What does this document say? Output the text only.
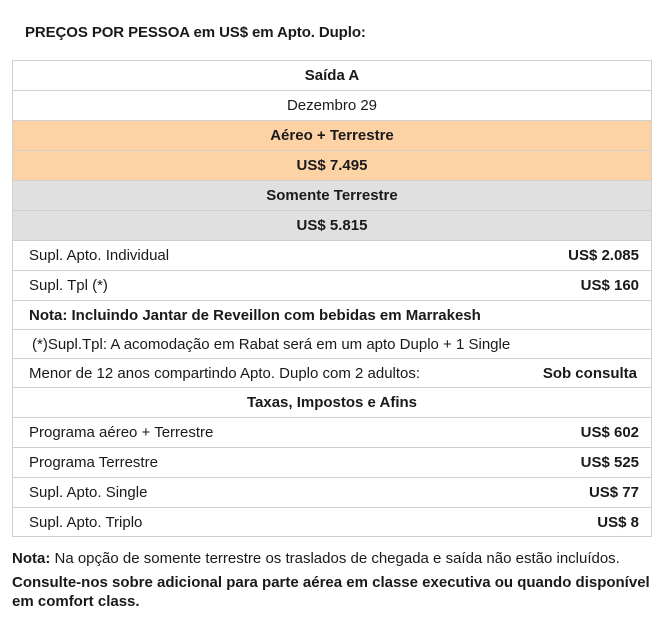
PREÇOS POR PESSOA em US$ em Apto. Duplo:
Saída A
Dezembro 29
Aéreo + Terrestre
US$ 7.495
Somente Terrestre
US$ 5.815
Supl. Apto. Individual	US$ 2.085
Supl. Tpl (*)	US$ 160
Nota: Incluindo Jantar de Reveillon com bebidas em Marrakesh
(*)Supl.Tpl: A acomodação em Rabat será em um apto Duplo + 1 Single
Menor de 12 anos compartindo Apto. Duplo com 2 adultos:	Sob consulta
Taxas, Impostos e Afins
Programa aéreo + Terrestre	US$ 602
Programa Terrestre	US$ 525
Supl. Apto. Single	US$ 77
Supl. Apto. Triplo	US$ 8
Nota: Na opção de somente terrestre os traslados de chegada e saída não estão incluídos.
Consulte-nos sobre adicional para parte aérea em classe executiva ou quando disponível em comfort class.
